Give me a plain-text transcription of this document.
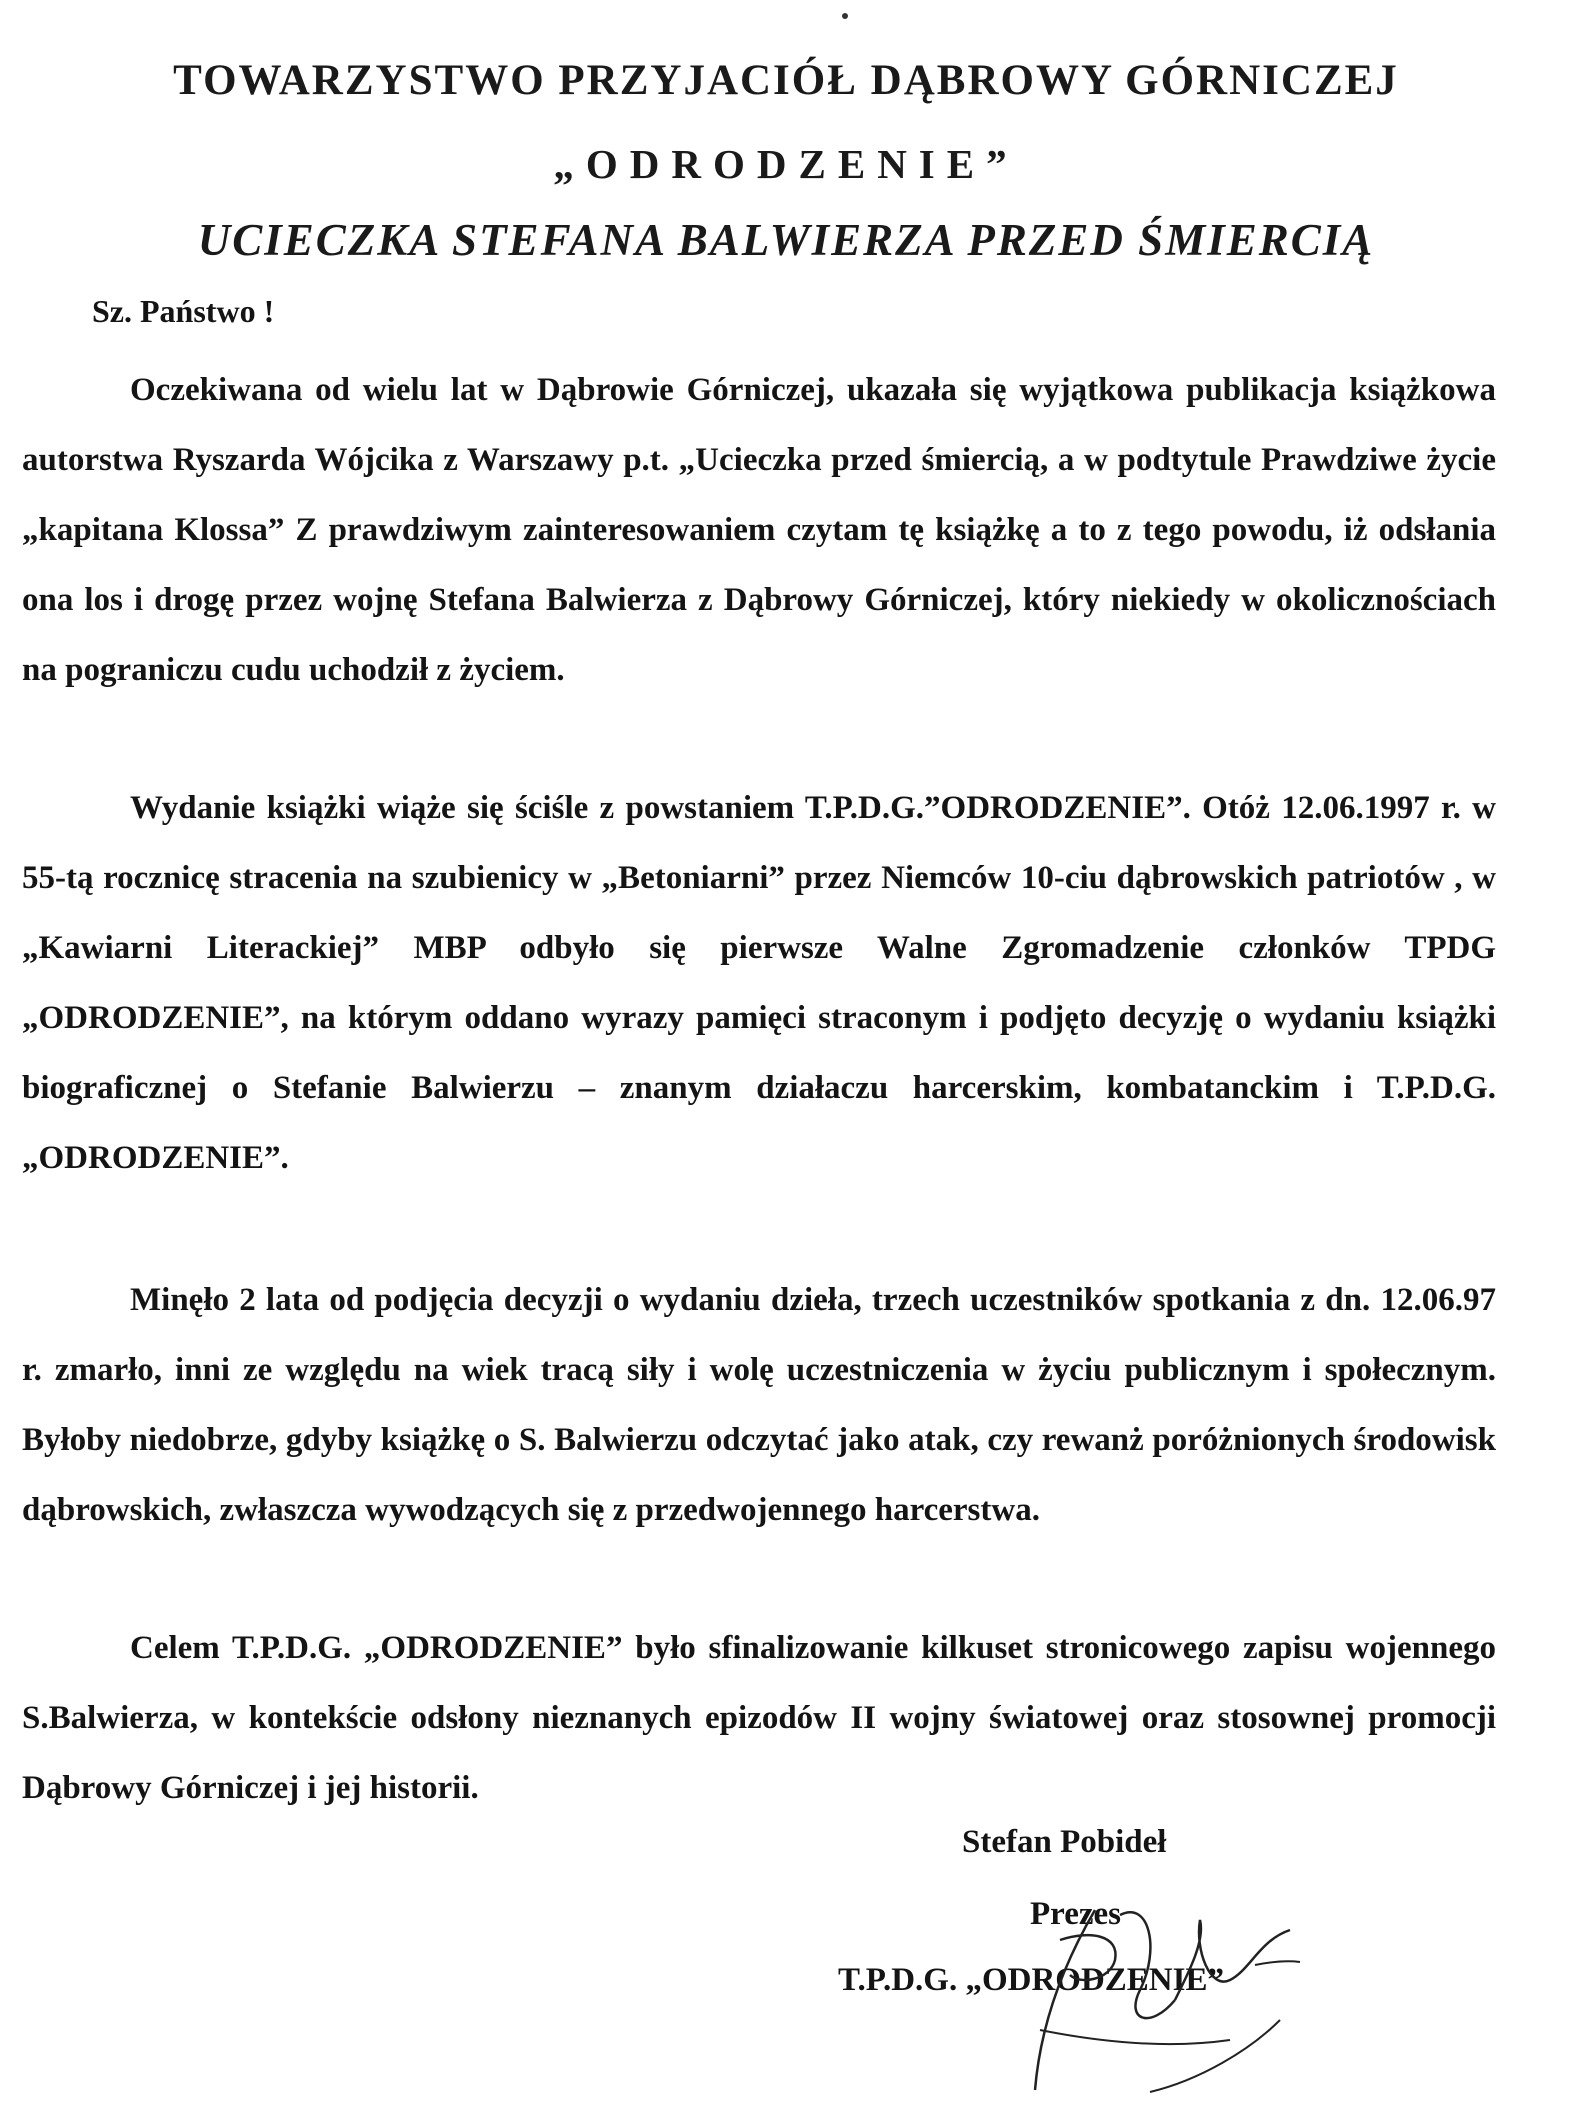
TOWARZYSTWO PRZYJACIÓŁ DĄBROWY GÓRNICZEJ
„ODRODZENIE”
UCIECZKA STEFANA BALWIERZA PRZED ŚMIERCIĄ

Sz. Państwo !

Oczekiwana od wielu lat w Dąbrowie Górniczej, ukazała się wyjątkowa publikacja książkowa autorstwa Ryszarda Wójcika z Warszawy p.t. „Ucieczka przed śmiercią, a w podtytule Prawdziwe życie „kapitana Klossa” Z prawdziwym zainteresowaniem czytam tę książkę a to z tego powodu, iż odsłania ona los i drogę przez wojnę Stefana Balwierza z Dąbrowy Górniczej, który niekiedy w okolicznościach na pograniczu cudu uchodził z życiem.

Wydanie książki wiąże się ściśle z powstaniem T.P.D.G.”ODRODZENIE”. Otóż 12.06.1997 r. w 55-tą rocznicę stracenia na szubienicy w „Betoniarni” przez Niemców 10-ciu dąbrowskich patriotów , w „Kawiarni Literackiej” MBP odbyło się pierwsze Walne Zgromadzenie członków TPDG „ODRODZENIE”, na którym oddano wyrazy pamięci straconym i podjęto decyzję o wydaniu książki biograficznej o Stefanie Balwierzu – znanym działaczu harcerskim, kombatanckim i T.P.D.G. „ODRODZENIE”.

Minęło 2 lata od podjęcia decyzji o wydaniu dzieła, trzech uczestników spotkania z dn. 12.06.97 r. zmarło, inni ze względu na wiek tracą siły i wolę uczestniczenia w życiu publicznym i społecznym. Byłoby niedobrze, gdyby książkę o S. Balwierzu odczytać jako atak, czy rewanż poróżnionych środowisk dąbrowskich, zwłaszcza wywodzących się z przedwojennego harcerstwa.

Celem T.P.D.G. „ODRODZENIE” było sfinalizowanie kilkuset stronicowego zapisu wojennego S.Balwierza, w kontekście odsłony nieznanych epizodów II wojny światowej oraz stosownej promocji Dąbrowy Górniczej i jej historii.

Stefan Pobideł

Prezes

T.P.D.G. „ODRODZENIE”
